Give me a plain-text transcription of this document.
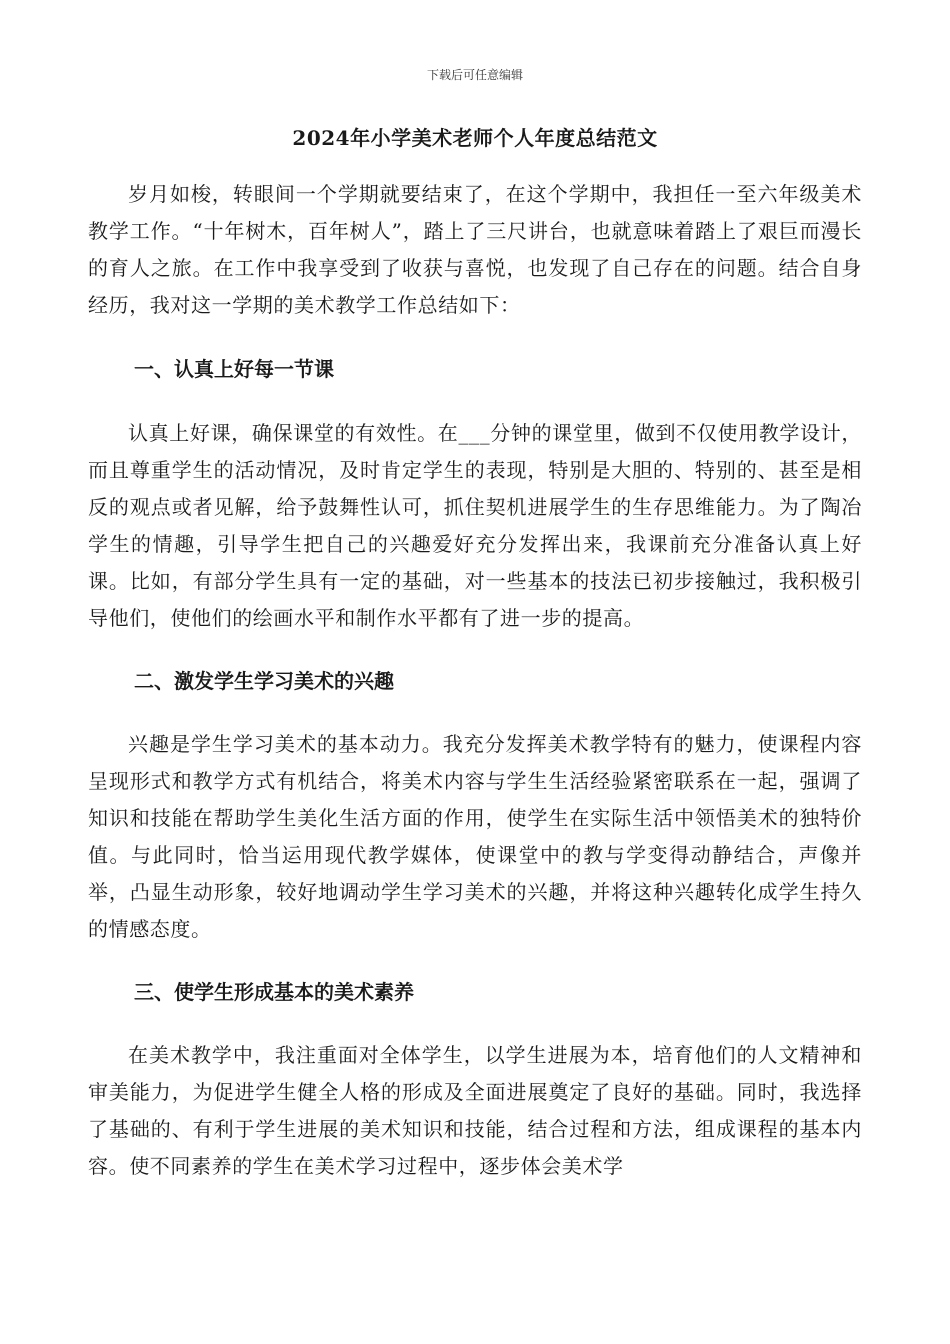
下载后可任意编辑
2024年小学美术老师个人年度总结范文

岁月如梭，转眼间一个学期就要结束了，在这个学期中，我担任一至六年级美术教学工作。“十年树木，百年树人”，踏上了三尺讲台，也就意味着踏上了艰巨而漫长的育人之旅。在工作中我享受到了收获与喜悦，也发现了自己存在的问题。结合自身经历，我对这一学期的美术教学工作总结如下：

一、认真上好每一节课

认真上好课，确保课堂的有效性。在___分钟的课堂里，做到不仅使用教学设计，而且尊重学生的活动情况，及时肯定学生的表现，特别是大胆的、特别的、甚至是相反的观点或者见解，给予鼓舞性认可，抓住契机进展学生的生存思维能力。为了陶冶学生的情趣，引导学生把自己的兴趣爱好充分发挥出来，我课前充分准备认真上好课。比如，有部分学生具有一定的基础，对一些基本的技法已初步接触过，我积极引导他们，使他们的绘画水平和制作水平都有了进一步的提高。

二、激发学生学习美术的兴趣

兴趣是学生学习美术的基本动力。我充分发挥美术教学特有的魅力，使课程内容呈现形式和教学方式有机结合，将美术内容与学生生活经验紧密联系在一起，强调了知识和技能在帮助学生美化生活方面的作用，使学生在实际生活中领悟美术的独特价值。与此同时，恰当运用现代教学媒体，使课堂中的教与学变得动静结合，声像并举，凸显生动形象，较好地调动学生学习美术的兴趣，并将这种兴趣转化成学生持久的情感态度。

三、使学生形成基本的美术素养

在美术教学中，我注重面对全体学生，以学生进展为本，培育他们的人文精神和审美能力，为促进学生健全人格的形成及全面进展奠定了良好的基础。同时，我选择了基础的、有利于学生进展的美术知识和技能，结合过程和方法，组成课程的基本内容。使不同素养的学生在美术学习过程中，逐步体会美术学
